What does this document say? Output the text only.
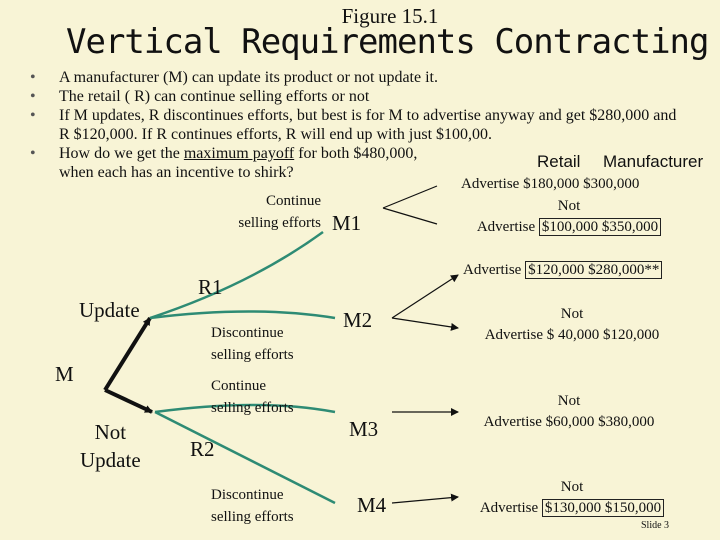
Figure 15.1
Vertical Requirements Contracting
• A manufacturer (M) can update its product or not update it.
• The retail ( R) can continue selling efforts or not
• If M updates, R discontinues efforts, but best is for M to advertise anyway and get $280,000 and R $120,000. If R continues efforts, R will end up with just $100,00.
• How do we get the maximum payoff for both $480,000,
when each has an incentive to shirk?
Retail Manufacturer
M
R1
R2
M1
M2
M3
M4
Update
Not
Update
Continue
selling efforts
Discontinue
selling efforts
Continue
selling efforts
Discontinue
selling efforts
Advertise $180,000 $300,000
Not
Advertise $100,000 $350,000
Advertise $120,000 $280,000**
Not
Advertise $ 40,000 $120,000
Not
Advertise $60,000 $380,000
Not
Advertise $130,000 $150,000
Slide 3
